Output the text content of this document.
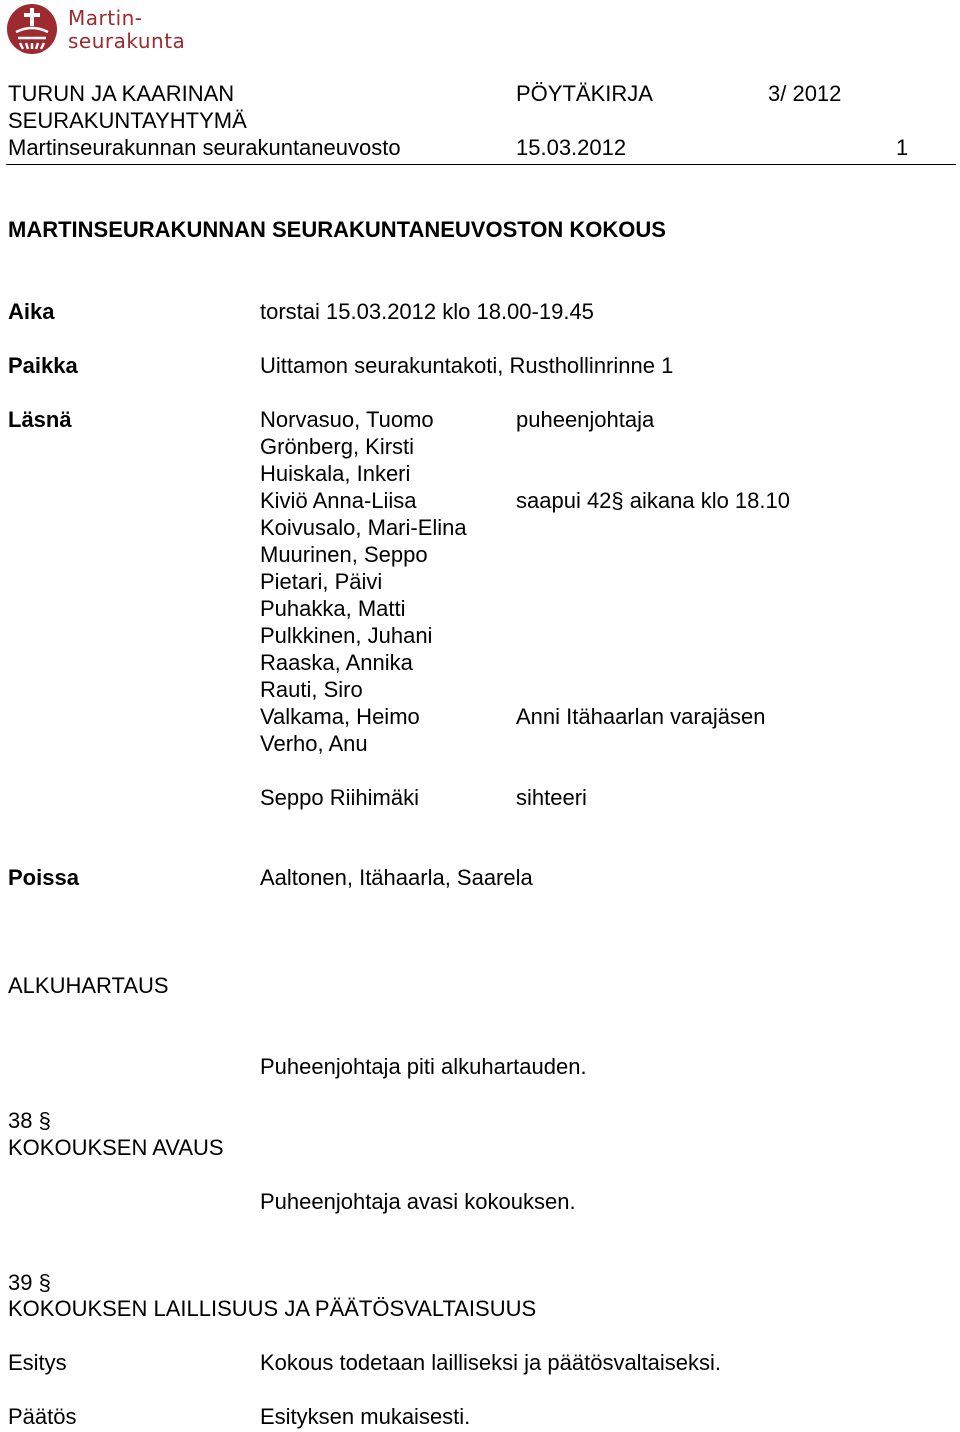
Martin-
seurakunta
TURUN JA KAARINAN
SEURAKUNTAYHTYMÄ
Martinseurakunnan seurakuntaneuvosto
PÖYTÄKIRJA	3/ 2012
15.03.2012	1
MARTINSEURAKUNNAN SEURAKUNTANEUVOSTON KOKOUS
Aika	torstai 15.03.2012 klo 18.00-19.45
Paikka	Uittamon seurakuntakoti, Rusthollinrinne 1
Läsnä	Norvasuo, Tuomo	puheenjohtaja
Grönberg, Kirsti
Huiskala, Inkeri
Kiviö Anna-Liisa	saapui 42§ aikana klo 18.10
Koivusalo, Mari-Elina
Muurinen, Seppo
Pietari, Päivi
Puhakka, Matti
Pulkkinen, Juhani
Raaska, Annika
Rauti, Siro
Valkama, Heimo	Anni Itähaarlan varajäsen
Verho, Anu
Seppo Riihimäki	sihteeri
Poissa	Aaltonen, Itähaarla, Saarela
ALKUHARTAUS
Puheenjohtaja piti alkuhartauden.
38 §
KOKOUKSEN AVAUS
Puheenjohtaja avasi kokouksen.
39 §
KOKOUKSEN LAILLISUUS JA PÄÄTÖSVALTAISUUS
Esitys	Kokous todetaan lailliseksi ja päätösvaltaiseksi.
Päätös	Esityksen mukaisesti.
